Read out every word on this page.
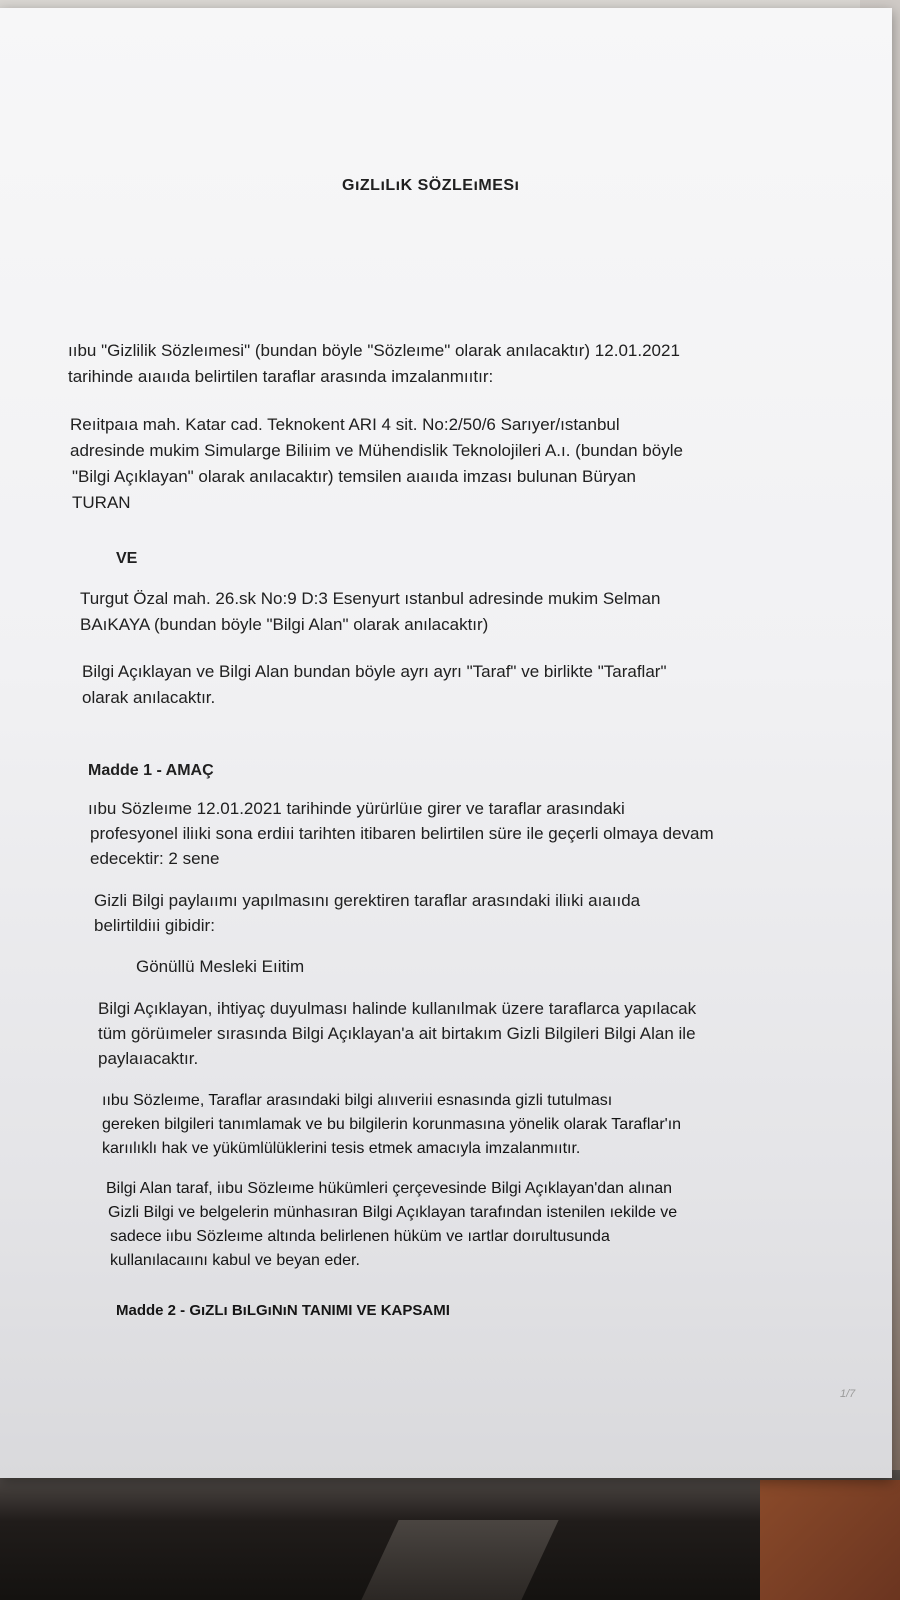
GıZLıLıK SÖZLEıMESı
ııbu "Gizlilik Sözleımesi" (bundan böyle "Sözleıme" olarak anılacaktır) 12.01.2021
tarihinde aıaııda belirtilen taraflar arasında imzalanmııtır:
Reıitpaıa mah. Katar cad. Teknokent ARI 4 sit. No:2/50/6 Sarıyer/ıstanbul
adresinde mukim Simularge Biliıim ve Mühendislik Teknolojileri A.ı. (bundan böyle
"Bilgi Açıklayan" olarak anılacaktır) temsilen aıaııda imzası bulunan Büryan
TURAN
VE
Turgut Özal mah. 26.sk No:9 D:3 Esenyurt ıstanbul adresinde mukim Selman
BAıKAYA (bundan böyle "Bilgi Alan" olarak anılacaktır)
Bilgi Açıklayan ve Bilgi Alan bundan böyle ayrı ayrı "Taraf" ve birlikte "Taraflar"
olarak anılacaktır.
Madde 1 - AMAÇ
ııbu Sözleıme 12.01.2021 tarihinde yürürlüıe girer ve taraflar arasındaki
profesyonel iliıki sona erdiıi tarihten itibaren belirtilen süre ile geçerli olmaya devam
edecektir: 2 sene
Gizli Bilgi paylaıımı yapılmasını gerektiren taraflar arasındaki iliıki aıaııda
belirtildiıi gibidir:
Gönüllü Mesleki Eıitim
Bilgi Açıklayan, ihtiyaç duyulması halinde kullanılmak üzere taraflarca yapılacak
tüm görüımeler sırasında Bilgi Açıklayan'a ait birtakım Gizli Bilgileri Bilgi Alan ile
paylaıacaktır.
ııbu Sözleıme, Taraflar arasındaki bilgi alııveriıi esnasında gizli tutulması
gereken bilgileri tanımlamak ve bu bilgilerin korunmasına yönelik olarak Taraflar'ın
karıılıklı hak ve yükümlülüklerini tesis etmek amacıyla imzalanmııtır.
Bilgi Alan taraf, iıbu Sözleıme hükümleri çerçevesinde Bilgi Açıklayan'dan alınan
Gizli Bilgi ve belgelerin münhasıran Bilgi Açıklayan tarafından istenilen ıekilde ve
sadece iıbu Sözleıme altında belirlenen hüküm ve ıartlar doırultusunda
kullanılacaıını kabul ve beyan eder.
Madde 2 - GıZLı BıLGıNıN TANIMI VE KAPSAMI
1/7
